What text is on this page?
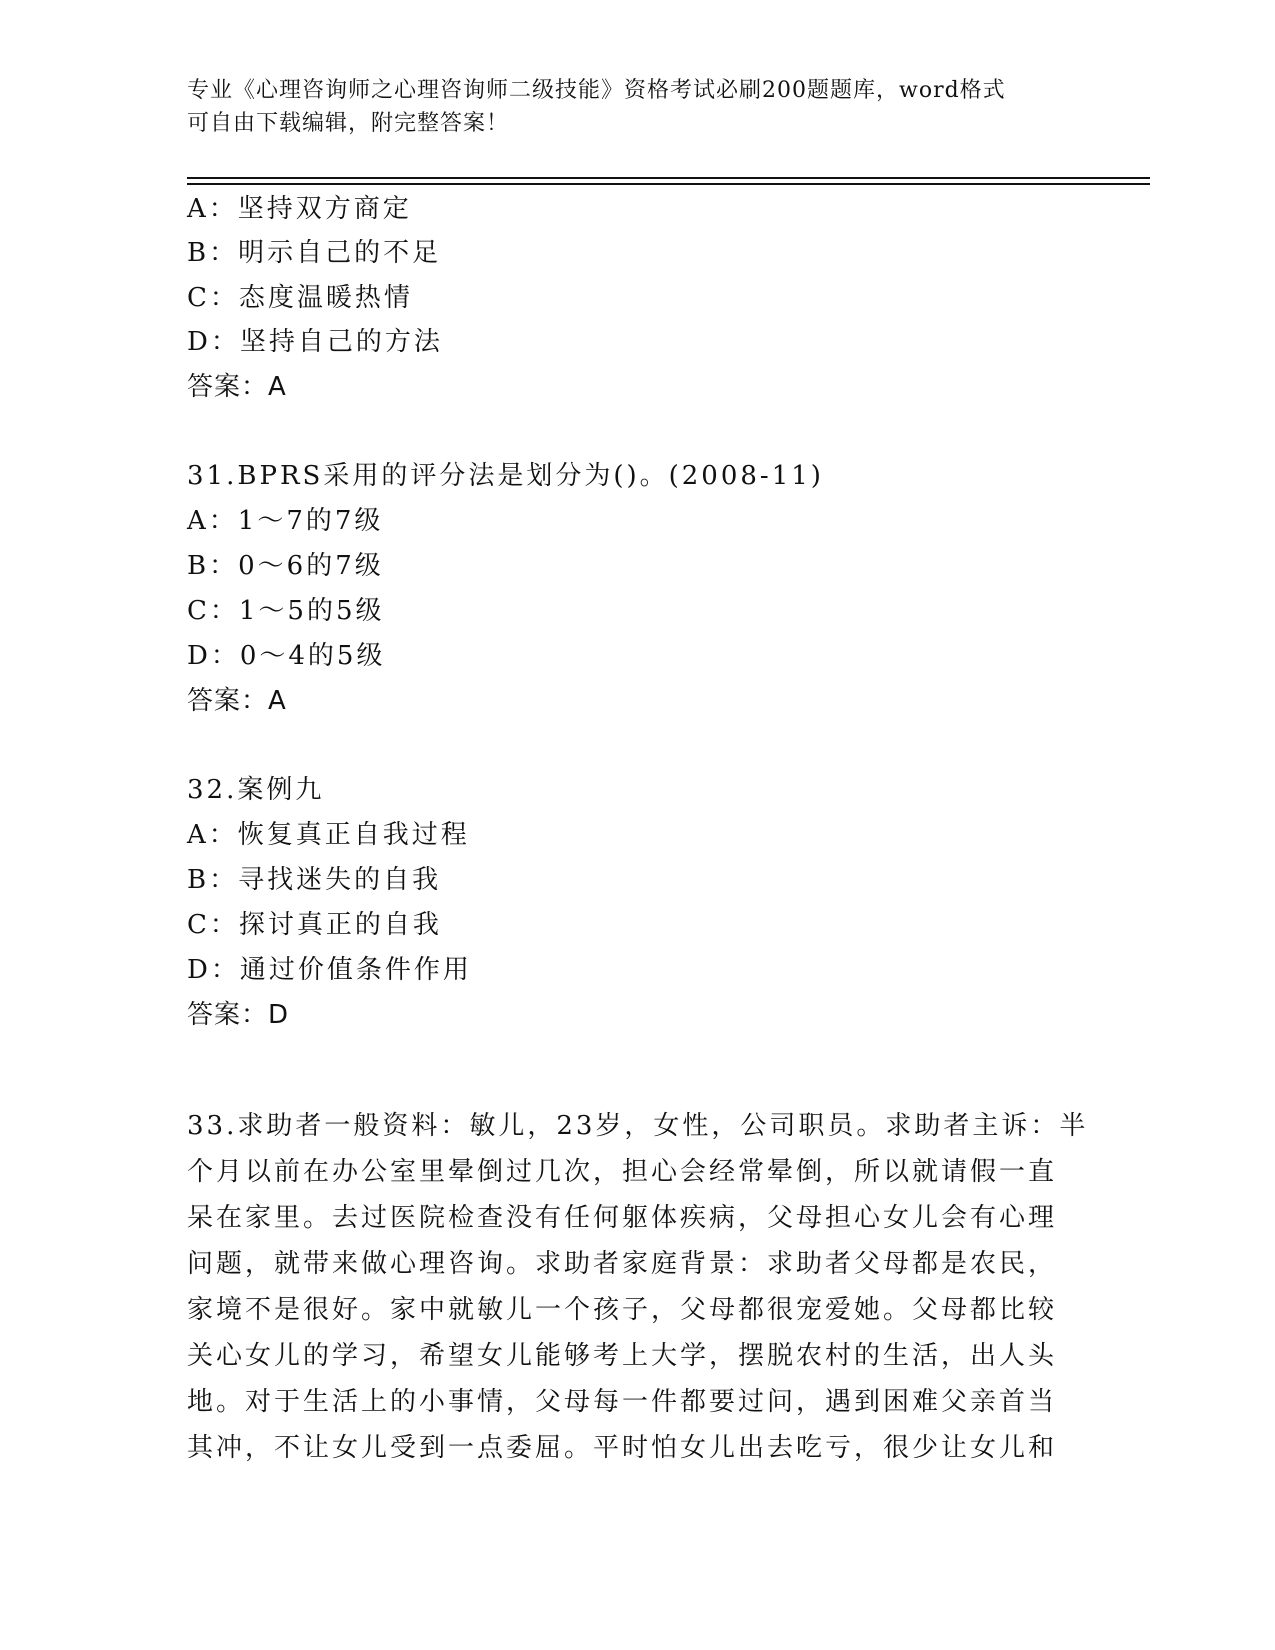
专业《心理咨询师之心理咨询师二级技能》资格考试必刷200题题库，word格式
可自由下载编辑，附完整答案！
A：坚持双方商定
B：明示自己的不足
C：态度温暖热情
D：坚持自己的方法
答案：A
31.BPRS采用的评分法是划分为()。(2008-11)
A：1～7的7级
B：0～6的7级
C：1～5的5级
D：0～4的5级
答案：A
32.案例九
A：恢复真正自我过程
B：寻找迷失的自我
C：探讨真正的自我
D：通过价值条件作用
答案：D
33.求助者一般资料：敏儿，23岁，女性，公司职员。求助者主诉：半
个月以前在办公室里晕倒过几次，担心会经常晕倒，所以就请假一直
呆在家里。去过医院检查没有任何躯体疾病，父母担心女儿会有心理
问题，就带来做心理咨询。求助者家庭背景：求助者父母都是农民，
家境不是很好。家中就敏儿一个孩子，父母都很宠爱她。父母都比较
关心女儿的学习，希望女儿能够考上大学，摆脱农村的生活，出人头
地。对于生活上的小事情，父母每一件都要过问，遇到困难父亲首当
其冲，不让女儿受到一点委屈。平时怕女儿出去吃亏，很少让女儿和
